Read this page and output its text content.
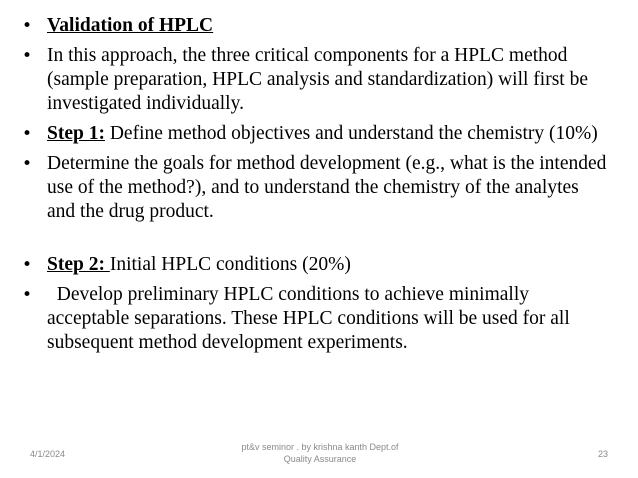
• Validation of HPLC

• In this approach, the three critical components for a HPLC method (sample preparation, HPLC analysis and standardization) will first be investigated individually.

• Step 1: Define method objectives and understand the chemistry (10%)

• Determine the goals for method development (e.g., what is the intended use of the method?), and to understand the chemistry of the analytes and the drug product.

• Step 2: Initial HPLC conditions (20%)

• Develop preliminary HPLC conditions to achieve minimally acceptable separations. These HPLC conditions will be used for all subsequent method development experiments.

4/1/2024
pt&v seminor . by krishna kanth Dept.of
Quality Assurance	23
